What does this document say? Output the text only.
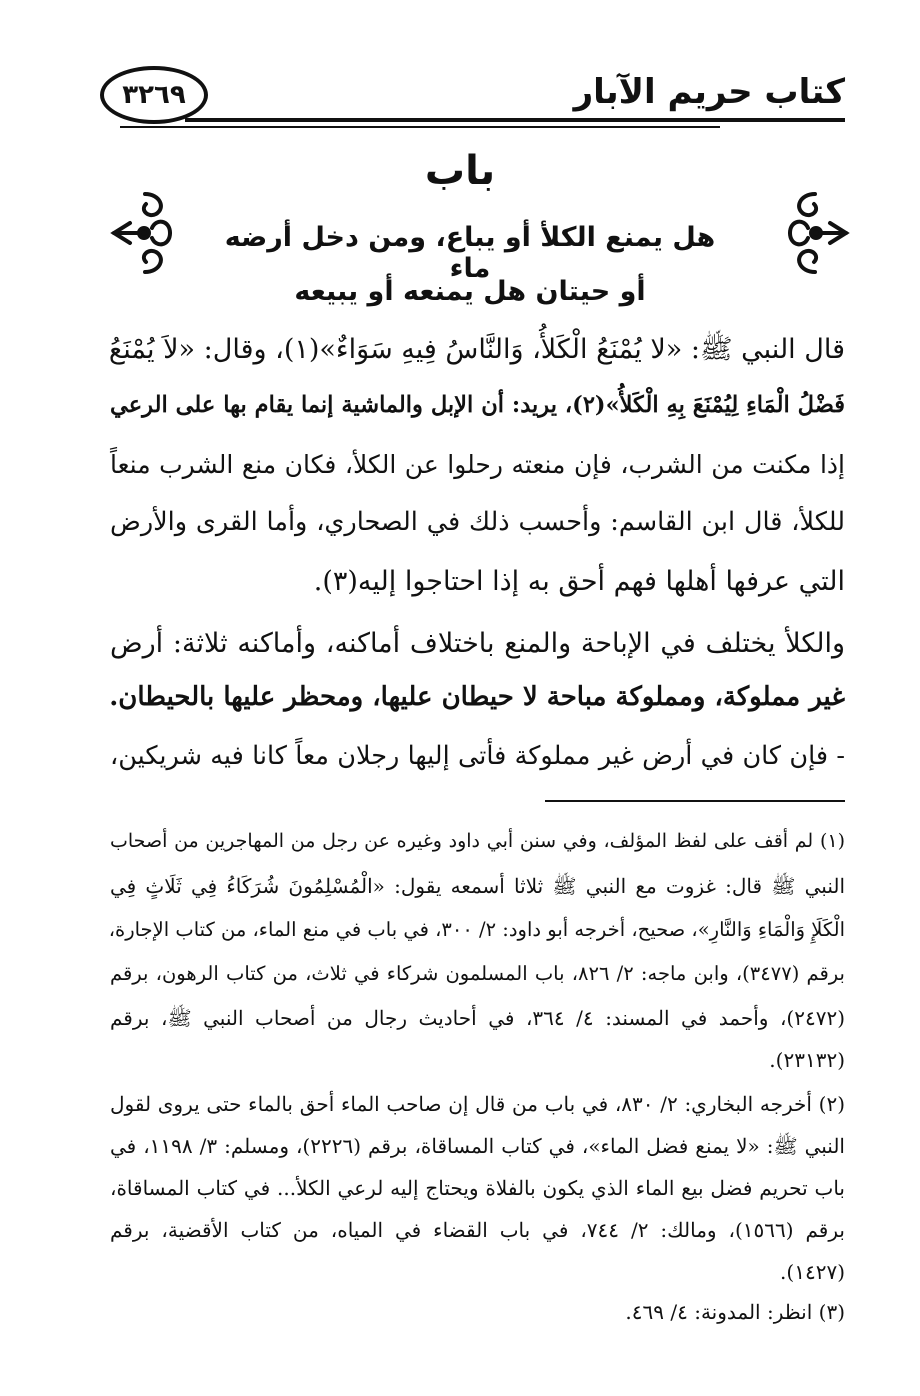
كتاب حريم الآبار
٣٢٦٩
باب
هل يمنع الكلأ أو يباع، ومن دخل أرضه ماء
أو حيتان هل يمنعه أو يبيعه
قال النبي ﷺ: «لا يُمْنَعُ الْكَلأُ، وَالنَّاسُ فِيهِ سَوَاءٌ»(١)، وقال: «لاَ يُمْنَعُ
فَضْلُ الْمَاءِ لِيُمْنَعَ بِهِ الْكَلأُ»(٢)، يريد: أن الإبل والماشية إنما يقام بها على الرعي
إذا مكنت من الشرب، فإن منعته رحلوا عن الكلأ، فكان منع الشرب منعاً
للكلأ، قال ابن القاسم: وأحسب ذلك في الصحاري، وأما القرى والأرض
التي عرفها أهلها فهم أحق به إذا احتاجوا إليه(٣).
والكلأ يختلف في الإباحة والمنع باختلاف أماكنه، وأماكنه ثلاثة: أرض
غير مملوكة، ومملوكة مباحة لا حيطان عليها، ومحظر عليها بالحيطان.
- فإن كان في أرض غير مملوكة فأتى إليها رجلان معاً كانا فيه شريكين،
(١) لم أقف على لفظ المؤلف، وفي سنن أبي داود وغيره عن رجل من المهاجرين من أصحاب
النبي ﷺ قال: غزوت مع النبي ﷺ ثلاثا أسمعه يقول: «الْمُسْلِمُونَ شُرَكَاءُ فِي ثَلَاثٍ فِي
الْكَلَإِ وَالْمَاءِ وَالنَّارِ»، صحيح، أخرجه أبو داود: ٢/ ٣٠٠، في باب في منع الماء، من كتاب الإجارة،
برقم (٣٤٧٧)، وابن ماجه: ٢/ ٨٢٦، باب المسلمون شركاء في ثلاث، من كتاب الرهون، برقم
(٢٤٧٢)، وأحمد في المسند: ٤/ ٣٦٤، في أحاديث رجال من أصحاب النبي ﷺ، برقم
(٢٣١٣٢).
(٢) أخرجه البخاري: ٢/ ٨٣٠، في باب من قال إن صاحب الماء أحق بالماء حتى يروى لقول
النبي ﷺ: «لا يمنع فضل الماء»، في كتاب المساقاة، برقم (٢٢٢٦)، ومسلم: ٣/ ١١٩٨، في
باب تحريم فضل بيع الماء الذي يكون بالفلاة ويحتاج إليه لرعي الكلأ... في كتاب المساقاة،
برقم (١٥٦٦)، ومالك: ٢/ ٧٤٤، في باب القضاء في المياه، من كتاب الأقضية، برقم
(١٤٢٧).
(٣) انظر: المدونة: ٤/ ٤٦٩.
